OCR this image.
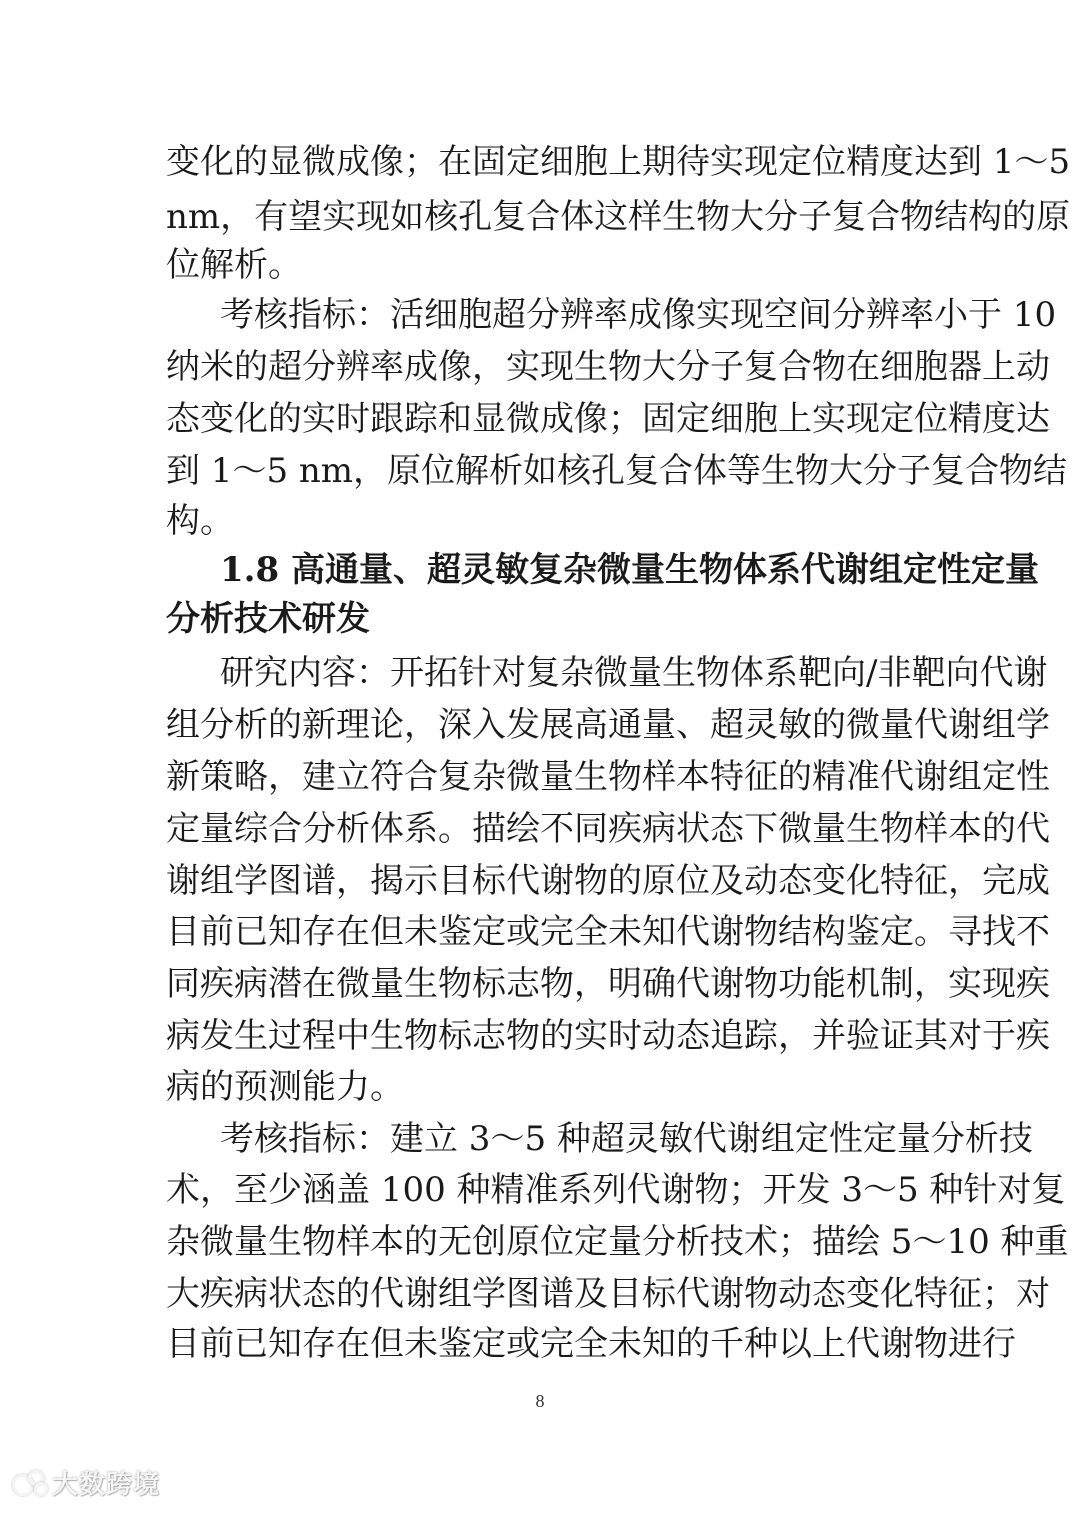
变化的显微成像；在固定细胞上期待实现定位精度达到 1～5
nm，有望实现如核孔复合体这样生物大分子复合物结构的原
位解析。
考核指标：活细胞超分辨率成像实现空间分辨率小于 10
纳米的超分辨率成像，实现生物大分子复合物在细胞器上动
态变化的实时跟踪和显微成像；固定细胞上实现定位精度达
到 1～5 nm，原位解析如核孔复合体等生物大分子复合物结
构。
1.8 高通量、超灵敏复杂微量生物体系代谢组定性定量
分析技术研发
研究内容：开拓针对复杂微量生物体系靶向/非靶向代谢
组分析的新理论，深入发展高通量、超灵敏的微量代谢组学
新策略，建立符合复杂微量生物样本特征的精准代谢组定性
定量综合分析体系。描绘不同疾病状态下微量生物样本的代
谢组学图谱，揭示目标代谢物的原位及动态变化特征，完成
目前已知存在但未鉴定或完全未知代谢物结构鉴定。寻找不
同疾病潜在微量生物标志物，明确代谢物功能机制，实现疾
病发生过程中生物标志物的实时动态追踪，并验证其对于疾
病的预测能力。
考核指标：建立 3～5 种超灵敏代谢组定性定量分析技
术，至少涵盖 100 种精准系列代谢物；开发 3～5 种针对复
杂微量生物样本的无创原位定量分析技术；描绘 5～10 种重
大疾病状态的代谢组学图谱及目标代谢物动态变化特征；对
目前已知存在但未鉴定或完全未知的千种以上代谢物进行
8
大数跨境
